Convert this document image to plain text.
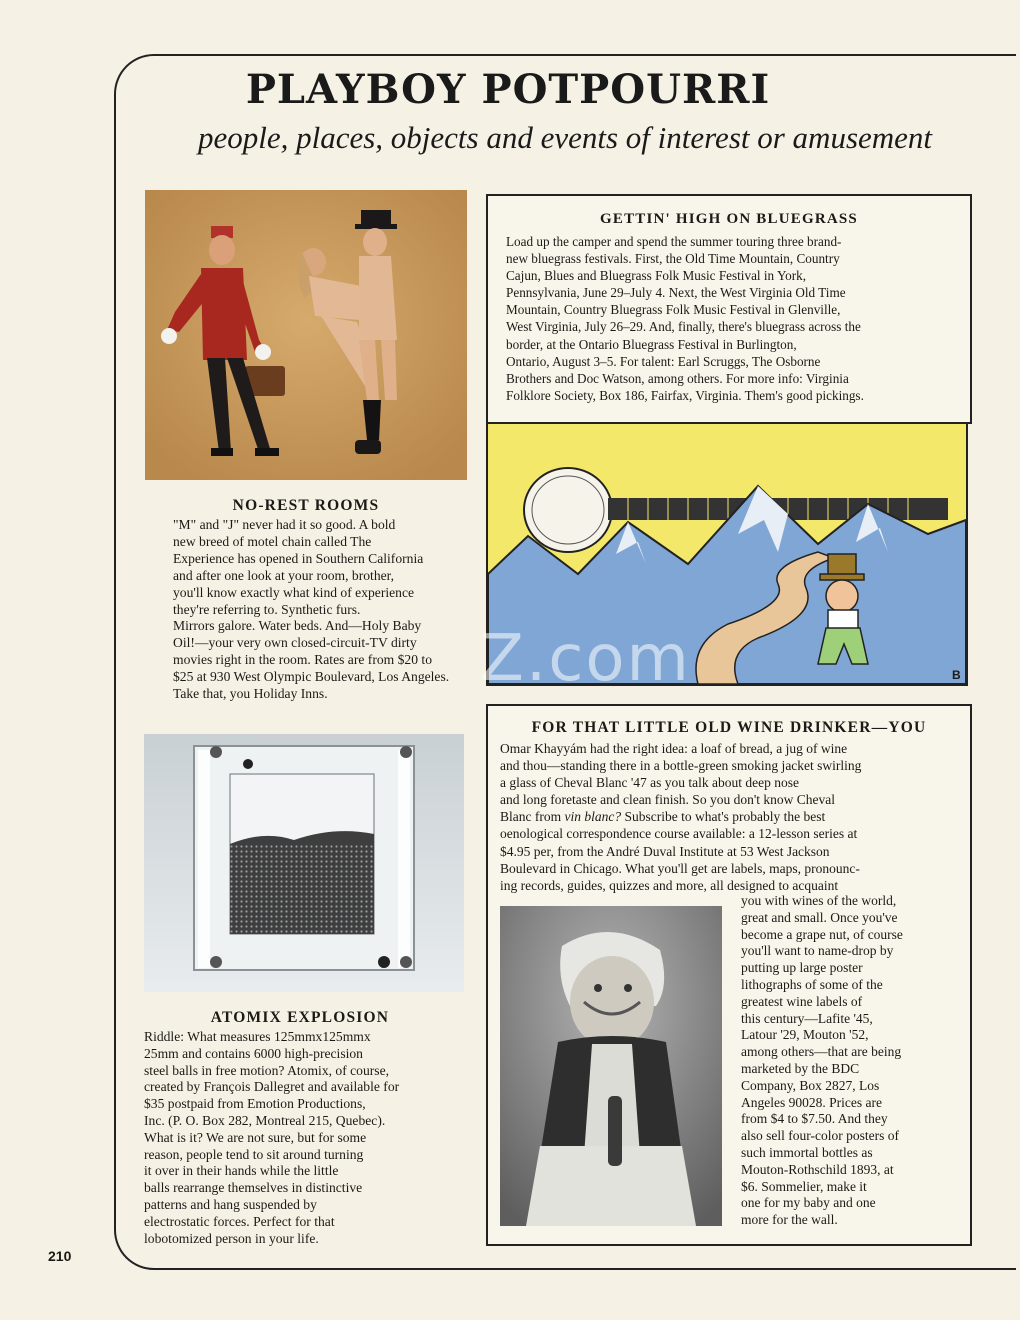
PLAYBOY POTPOURRI
people, places, objects and events of interest or amusement
GETTIN' HIGH ON BLUEGRASS
Load up the camper and spend the summer touring three brand-
new bluegrass festivals. First, the Old Time Mountain, Country
Cajun, Blues and Bluegrass Folk Music Festival in York,
Pennsylvania, June 29–July 4. Next, the West Virginia Old Time
Mountain, Country Bluegrass Folk Music Festival in Glenville,
West Virginia, July 26–29. And, finally, there's bluegrass across the
border, at the Ontario Bluegrass Festival in Burlington,
Ontario, August 3–5. For talent: Earl Scruggs, The Osborne
Brothers and Doc Watson, among others. For more info: Virginia
Folklore Society, Box 186, Fairfax, Virginia. Them's good pickings.
Z.com	B
NO-REST ROOMS
"M" and "J" never had it so good. A bold
new breed of motel chain called The
Experience has opened in Southern California
and after one look at your room, brother,
you'll know exactly what kind of experience
they're referring to. Synthetic furs.
Mirrors galore. Water beds. And—Holy Baby
Oil!—your very own closed-circuit-TV dirty
movies right in the room. Rates are from $20 to
$25 at 930 West Olympic Boulevard, Los Angeles.
Take that, you Holiday Inns.
ATOMIX EXPLOSION
Riddle: What measures 125mmx125mmx
25mm and contains 6000 high-precision
steel balls in free motion? Atomix, of course,
created by François Dallegret and available for
$35 postpaid from Emotion Productions,
Inc. (P. O. Box 282, Montreal 215, Quebec).
What is it? We are not sure, but for some
reason, people tend to sit around turning
it over in their hands while the little
balls rearrange themselves in distinctive
patterns and hang suspended by
electrostatic forces. Perfect for that
lobotomized person in your life.
FOR THAT LITTLE OLD WINE DRINKER—YOU
Omar Khayyám had the right idea: a loaf of bread, a jug of wine
and thou—standing there in a bottle-green smoking jacket swirling
a glass of Cheval Blanc '47 as you talk about deep nose
and long foretaste and clean finish. So you don't know Cheval
Blanc from vin blanc? Subscribe to what's probably the best
oenological correspondence course available: a 12-lesson series at
$4.95 per, from the André Duval Institute at 53 West Jackson
Boulevard in Chicago. What you'll get are labels, maps, pronounc-
ing records, guides, quizzes and more, all designed to acquaint
you with wines of the world,
great and small. Once you've
become a grape nut, of course
you'll want to name-drop by
putting up large poster
lithographs of some of the
greatest wine labels of
this century—Lafite '45,
Latour '29, Mouton '52,
among others—that are being
marketed by the BDC
Company, Box 2827, Los
Angeles 90028. Prices are
from $4 to $7.50. And they
also sell four-color posters of
such immortal bottles as
Mouton-Rothschild 1893, at
$6. Sommelier, make it
one for my baby and one
more for the wall.
210
